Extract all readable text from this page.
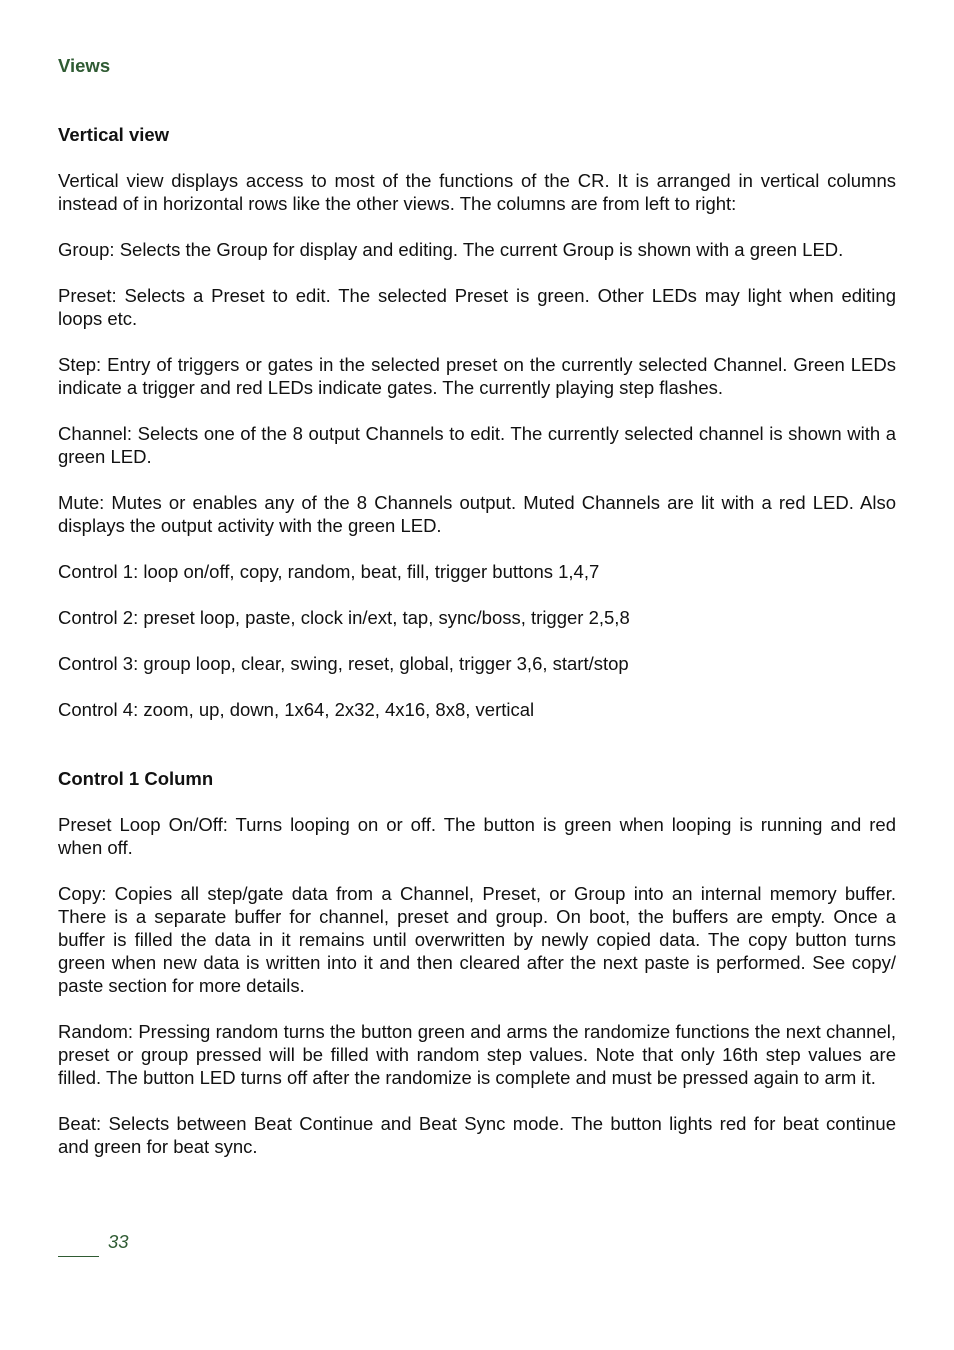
Views
Vertical view

Vertical view displays access to most of the functions of the CR. It is arranged in vertical columns instead of in horizontal rows like the other views. The columns are from left to right:

Group: Selects the Group for display and editing. The current Group is shown with a green LED.

Preset: Selects a Preset to edit. The selected Preset is green. Other LEDs may light when editing loops etc.

Step: Entry of triggers or gates in the selected preset on the currently selected Channel. Green LEDs indicate a trigger and red LEDs indicate gates. The currently playing step flashes.

Channel: Selects one of the 8 output Channels to edit. The currently selected channel is shown with a green LED.

Mute: Mutes or enables any of the 8 Channels output. Muted Channels are lit with a red LED. Also displays the output activity with the green LED.

Control 1: loop on/off, copy, random, beat, fill, trigger buttons 1,4,7

Control 2: preset loop, paste, clock in/ext, tap, sync/boss, trigger 2,5,8

Control 3: group loop, clear, swing, reset, global, trigger 3,6, start/stop

Control 4: zoom, up, down, 1x64, 2x32, 4x16, 8x8, vertical

Control 1 Column

Preset Loop On/Off: Turns looping on or off. The button is green when looping is running and red when off.

Copy: Copies all step/gate data from a Channel, Preset, or Group into an internal memory buffer. There is a separate buffer for channel, preset and group. On boot, the buffers are empty. Once a buffer is filled the data in it remains until overwritten by newly copied data. The copy button turns green when new data is written into it and then cleared after the next paste is performed. See copy/​paste section for more details.

Random: Pressing random turns the button green and arms the randomize functions the next channel, preset or group pressed will be filled with random step values. Note that only 16th step values are filled. The button LED turns off after the randomize is complete and must be pressed again to arm it.

Beat: Selects between Beat Continue and Beat Sync mode. The button lights red for beat continue and green for beat sync.

33
